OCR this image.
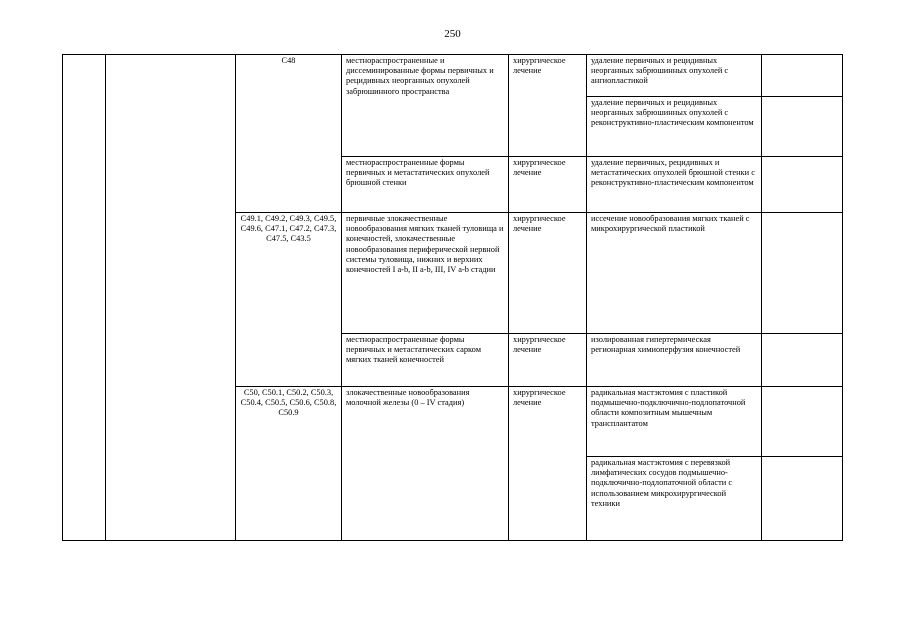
250
		C48	местнораспространенные и диссеминированные формы первичных и рецидивных неорганных опухолей забрюшинного пространства	хирургическое лечение	удаление первичных и рецидивных неорганных забрюшинных опухолей с ангиопластикой	
					удаление первичных и рецидивных неорганных забрюшинных опухолей с реконструктивно-пластическим компонентом	
			местнораспространенные формы первичных и метастатических опухолей брюшной стенки	хирургическое лечение	удаление первичных, рецидивных и метастатических опухолей брюшной стенки с реконструктивно-пластическим компонентом	
		C49.1, C49.2, C49.3, C49.5, C49.6, C47.1, C47.2, C47.3, C47.5, C43.5	первичные злокачественные новообразования мягких тканей туловища и конечностей, злокачественные новообразования периферической нервной системы туловища, нижних и верхних конечностей I a-b, II a-b, III, IV a-b стадии	хирургическое лечение	иссечение новообразования мягких тканей с микрохирургической пластикой	
			местнораспространенные формы первичных и метастатических сарком мягких тканей конечностей	хирургическое лечение	изолированная гипертермическая регионарная химиоперфузия конечностей	
		C50, C50.1, C50.2, C50.3, C50.4, C50.5, C50.6, C50.8, C50.9	злокачественные новообразования молочной железы (0 – IV стадия)	хирургическое лечение	радикальная мастэктомия с пластикой подмышечно-подключично-подлопаточной области композитным мышечным трансплантатом	
					радикальная мастэктомия с перевязкой лимфатических сосудов подмышечно-подключично-подлопаточной области с использованием микрохирургической техники	
